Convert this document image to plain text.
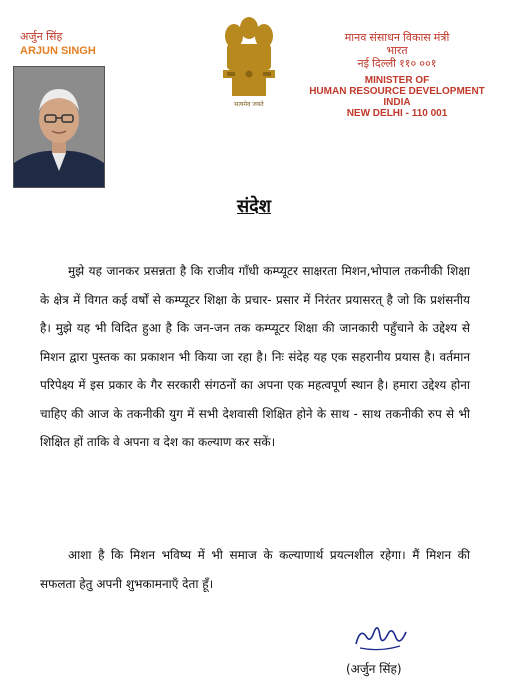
अर्जुन सिंह
ARJUN SINGH
सत्यमेव जयते
मानव संसाधन विकास मंत्री
भारत
नई दिल्ली ११० ००१
MINISTER OF
HUMAN RESOURCE DEVELOPMENT
INDIA
NEW DELHI - 110 001
संदेश

मुझे यह जानकर प्रसन्नता है कि राजीव गाँधी कम्प्यूटर साक्षरता मिशन,भोपाल तकनीकी शिक्षा के क्षेत्र में विगत कई वर्षों से कम्प्यूटर शिक्षा के प्रचार- प्रसार में निरंतर प्रयासरत् है जो कि प्रशंसनीय है। मुझे यह भी विदित हुआ है कि जन-जन तक कम्प्यूटर शिक्षा की जानकारी पहुँचाने के उद्देश्य से मिशन द्वारा पुस्तक का प्रकाशन भी किया जा रहा है। निः संदेह यह एक सहरानीय प्रयास है। वर्तमान परिपेक्ष्य में इस प्रकार के गैर सरकारी संगठनों का अपना एक महत्वपूर्ण स्थान है। हमारा उद्देश्य होना चाहिए की आज के तकनीकी युग में सभी देशवासी शिक्षित होने के साथ - साथ तकनीकी रुप से भी शिक्षित हों ताकि वे अपना व देश का कल्याण कर सकें।

आशा है कि मिशन भविष्य में भी समाज के कल्याणार्थ प्रयत्नशील रहेगा। मैं मिशन की सफलता हेतु अपनी शुभकामनाएँ देता हूँ।

(अर्जुन सिंह)
